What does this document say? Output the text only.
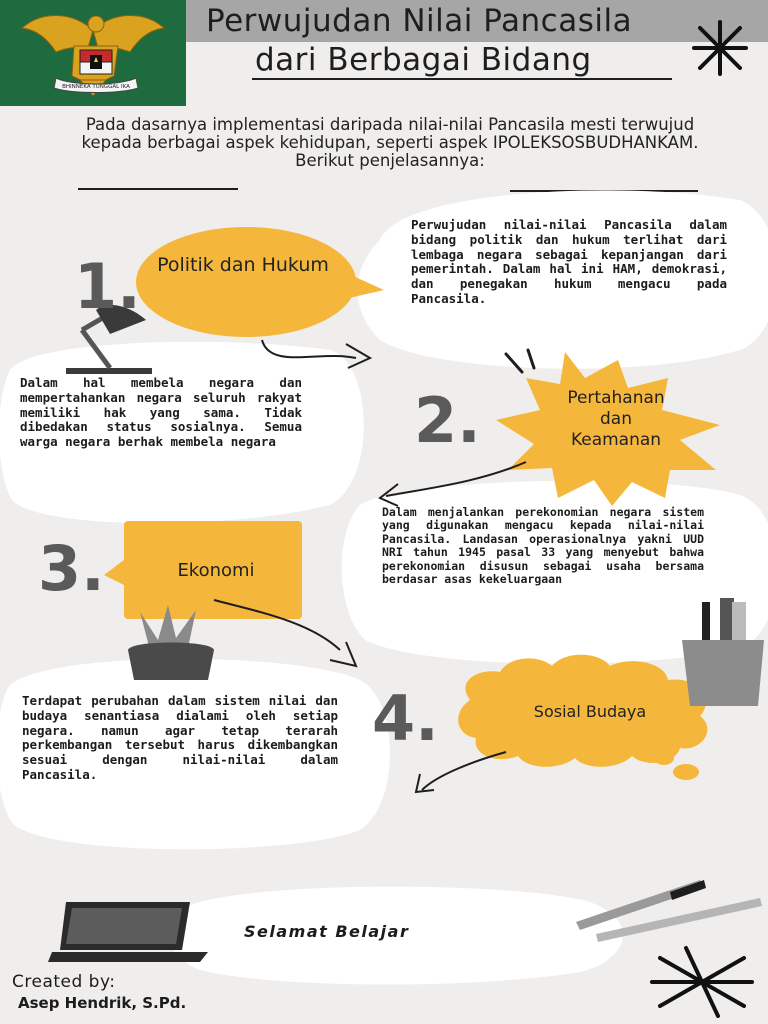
BHINNEKA TUNGGAL IKA
Perwujudan Nilai Pancasila
dari Berbagai Bidang
Pada dasarnya implementasi daripada nilai-nilai Pancasila mesti terwujud kepada berbagai aspek kehidupan, seperti aspek IPOLEKSOSBUDHANKAM. Berikut penjelasannya:
1.
2.
3.
4.
Politik dan Hukum
Pertahanan dan Keamanan
Ekonomi
Sosial Budaya
Perwujudan nilai-nilai Pancasila dalam bidang politik dan hukum terlihat dari lembaga negara sebagai kepanjangan dari pemerintah. Dalam hal ini HAM, demokrasi, dan penegakan hukum mengacu pada Pancasila.
Dalam hal membela negara dan mempertahankan negara seluruh rakyat memiliki hak yang sama. Tidak dibedakan status sosialnya. Semua warga negara berhak membela negara
Dalam menjalankan perekonomian negara sistem yang digunakan mengacu kepada nilai-nilai Pancasila. Landasan operasionalnya yakni UUD NRI tahun 1945 pasal 33 yang menyebut bahwa perekonomian disusun sebagai usaha bersama berdasar asas kekeluargaan
Terdapat perubahan dalam sistem nilai dan budaya senantiasa dialami oleh setiap negara. namun agar tetap terarah perkembangan tersebut harus dikembangkan sesuai dengan nilai-nilai dalam Pancasila.
Selamat Belajar
Created by:
Asep Hendrik, S.Pd.
